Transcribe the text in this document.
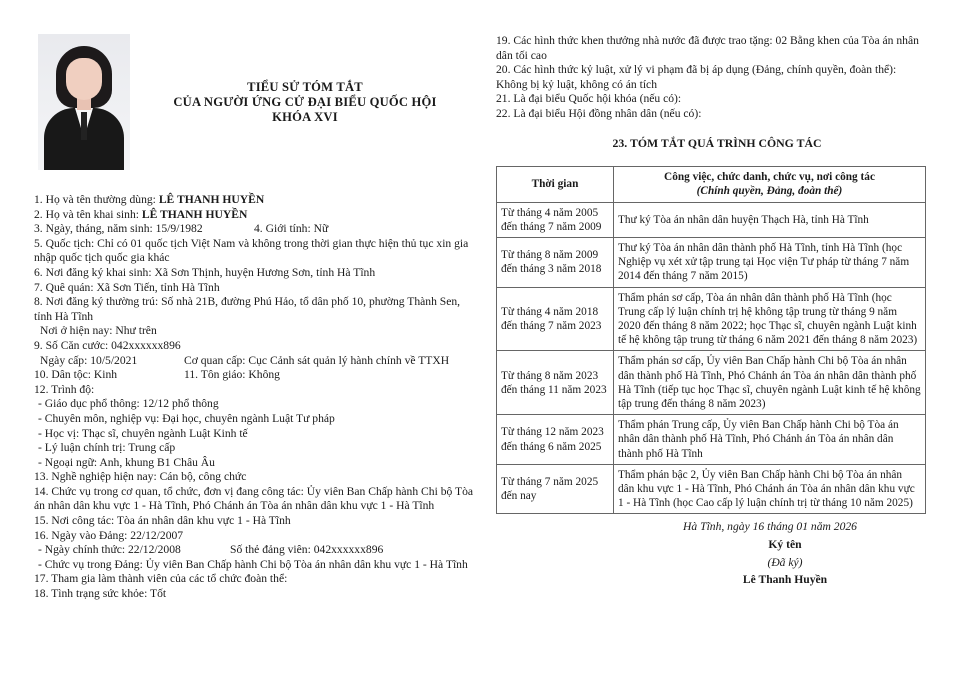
TIỂU SỬ TÓM TẮT
CỦA NGƯỜI ỨNG CỬ ĐẠI BIỂU QUỐC HỘI
KHÓA XVI
1. Họ và tên thường dùng: LÊ THANH HUYỀN
2. Họ và tên khai sinh: LÊ THANH HUYỀN
3. Ngày, tháng, năm sinh: 15/9/1982	4. Giới tính: Nữ
5. Quốc tịch: Chỉ có 01 quốc tịch Việt Nam và không trong thời gian thực hiện thủ tục xin gia nhập quốc tịch quốc gia khác
6. Nơi đăng ký khai sinh: Xã Sơn Thịnh, huyện Hương Sơn, tỉnh Hà Tĩnh
7. Quê quán: Xã Sơn Tiến, tỉnh Hà Tĩnh
8. Nơi đăng ký thường trú: Số nhà 21B, đường Phú Hảo, tổ dân phố 10, phường Thành Sen, tỉnh Hà Tĩnh
Nơi ở hiện nay: Như trên
9. Số Căn cước: 042xxxxxx896
Ngày cấp: 10/5/2021	Cơ quan cấp: Cục Cảnh sát quản lý hành chính về TTXH
10. Dân tộc: Kinh	11. Tôn giáo: Không
12. Trình độ:
- Giáo dục phổ thông: 12/12 phổ thông
- Chuyên môn, nghiệp vụ: Đại học, chuyên ngành Luật Tư pháp
- Học vị: Thạc sĩ, chuyên ngành Luật Kinh tế
- Lý luận chính trị: Trung cấp
- Ngoại ngữ: Anh, khung B1 Châu Âu
13. Nghề nghiệp hiện nay: Cán bộ, công chức
14. Chức vụ trong cơ quan, tổ chức, đơn vị đang công tác: Ủy viên Ban Chấp hành Chi bộ Tòa án nhân dân khu vực 1 - Hà Tĩnh, Phó Chánh án Tòa án nhân dân khu vực 1 - Hà Tĩnh
15. Nơi công tác: Tòa án nhân dân khu vực 1 - Hà Tĩnh
16. Ngày vào Đảng: 22/12/2007
- Ngày chính thức: 22/12/2008	Số thẻ đảng viên: 042xxxxxx896
- Chức vụ trong Đảng: Ủy viên Ban Chấp hành Chi bộ Tòa án nhân dân khu vực 1 - Hà Tĩnh
17. Tham gia làm thành viên của các tổ chức đoàn thể:
18. Tình trạng sức khỏe: Tốt
19. Các hình thức khen thưởng nhà nước đã được trao tặng: 02 Bằng khen của Tòa án nhân dân tối cao
20. Các hình thức kỷ luật, xử lý vi phạm đã bị áp dụng (Đảng, chính quyền, đoàn thể): Không bị kỷ luật, không có án tích
21. Là đại biểu Quốc hội khóa (nếu có):
22. Là đại biểu Hội đồng nhân dân (nếu có):
23. TÓM TẮT QUÁ TRÌNH CÔNG TÁC
Thời gian	Công việc, chức danh, chức vụ, nơi công tác
(Chính quyền, Đảng, đoàn thể)

Từ tháng 4 năm 2005 đến tháng 7 năm 2009	Thư ký Tòa án nhân dân huyện Thạch Hà, tỉnh Hà Tĩnh
Từ tháng 8 năm 2009 đến tháng 3 năm 2018	Thư ký Tòa án nhân dân thành phố Hà Tĩnh, tỉnh Hà Tĩnh (học Nghiệp vụ xét xử tập trung tại Học viện Tư pháp từ tháng 7 năm 2014 đến tháng 7 năm 2015)
Từ tháng 4 năm 2018 đến tháng 7 năm 2023	Thẩm phán sơ cấp, Tòa án nhân dân thành phố Hà Tĩnh (học Trung cấp lý luận chính trị hệ không tập trung từ tháng 9 năm 2020 đến tháng 8 năm 2022; học Thạc sĩ, chuyên ngành Luật kinh tế hệ không tập trung từ tháng 6 năm 2021 đến tháng 8 năm 2023)
Từ tháng 8 năm 2023 đến tháng 11 năm 2023	Thẩm phán sơ cấp, Ủy viên Ban Chấp hành Chi bộ Tòa án nhân dân thành phố Hà Tĩnh, Phó Chánh án Tòa án nhân dân thành phố Hà Tĩnh (tiếp tục học Thạc sĩ, chuyên ngành Luật kinh tế hệ không tập trung đến tháng 8 năm 2023)
Từ tháng 12 năm 2023 đến tháng 6 năm 2025	Thẩm phán Trung cấp, Ủy viên Ban Chấp hành Chi bộ Tòa án nhân dân thành phố Hà Tĩnh, Phó Chánh án Tòa án nhân dân thành phố Hà Tĩnh
Từ tháng 7 năm 2025 đến nay	Thẩm phán bậc 2, Ủy viên Ban Chấp hành Chi bộ Tòa án nhân dân khu vực 1 - Hà Tĩnh, Phó Chánh án Tòa án nhân dân khu vực 1 - Hà Tĩnh (học Cao cấp lý luận chính trị từ tháng 10 năm 2025)
Hà Tĩnh, ngày 16 tháng 01 năm 2026
Ký tên
(Đã ký)
Lê Thanh Huyền
